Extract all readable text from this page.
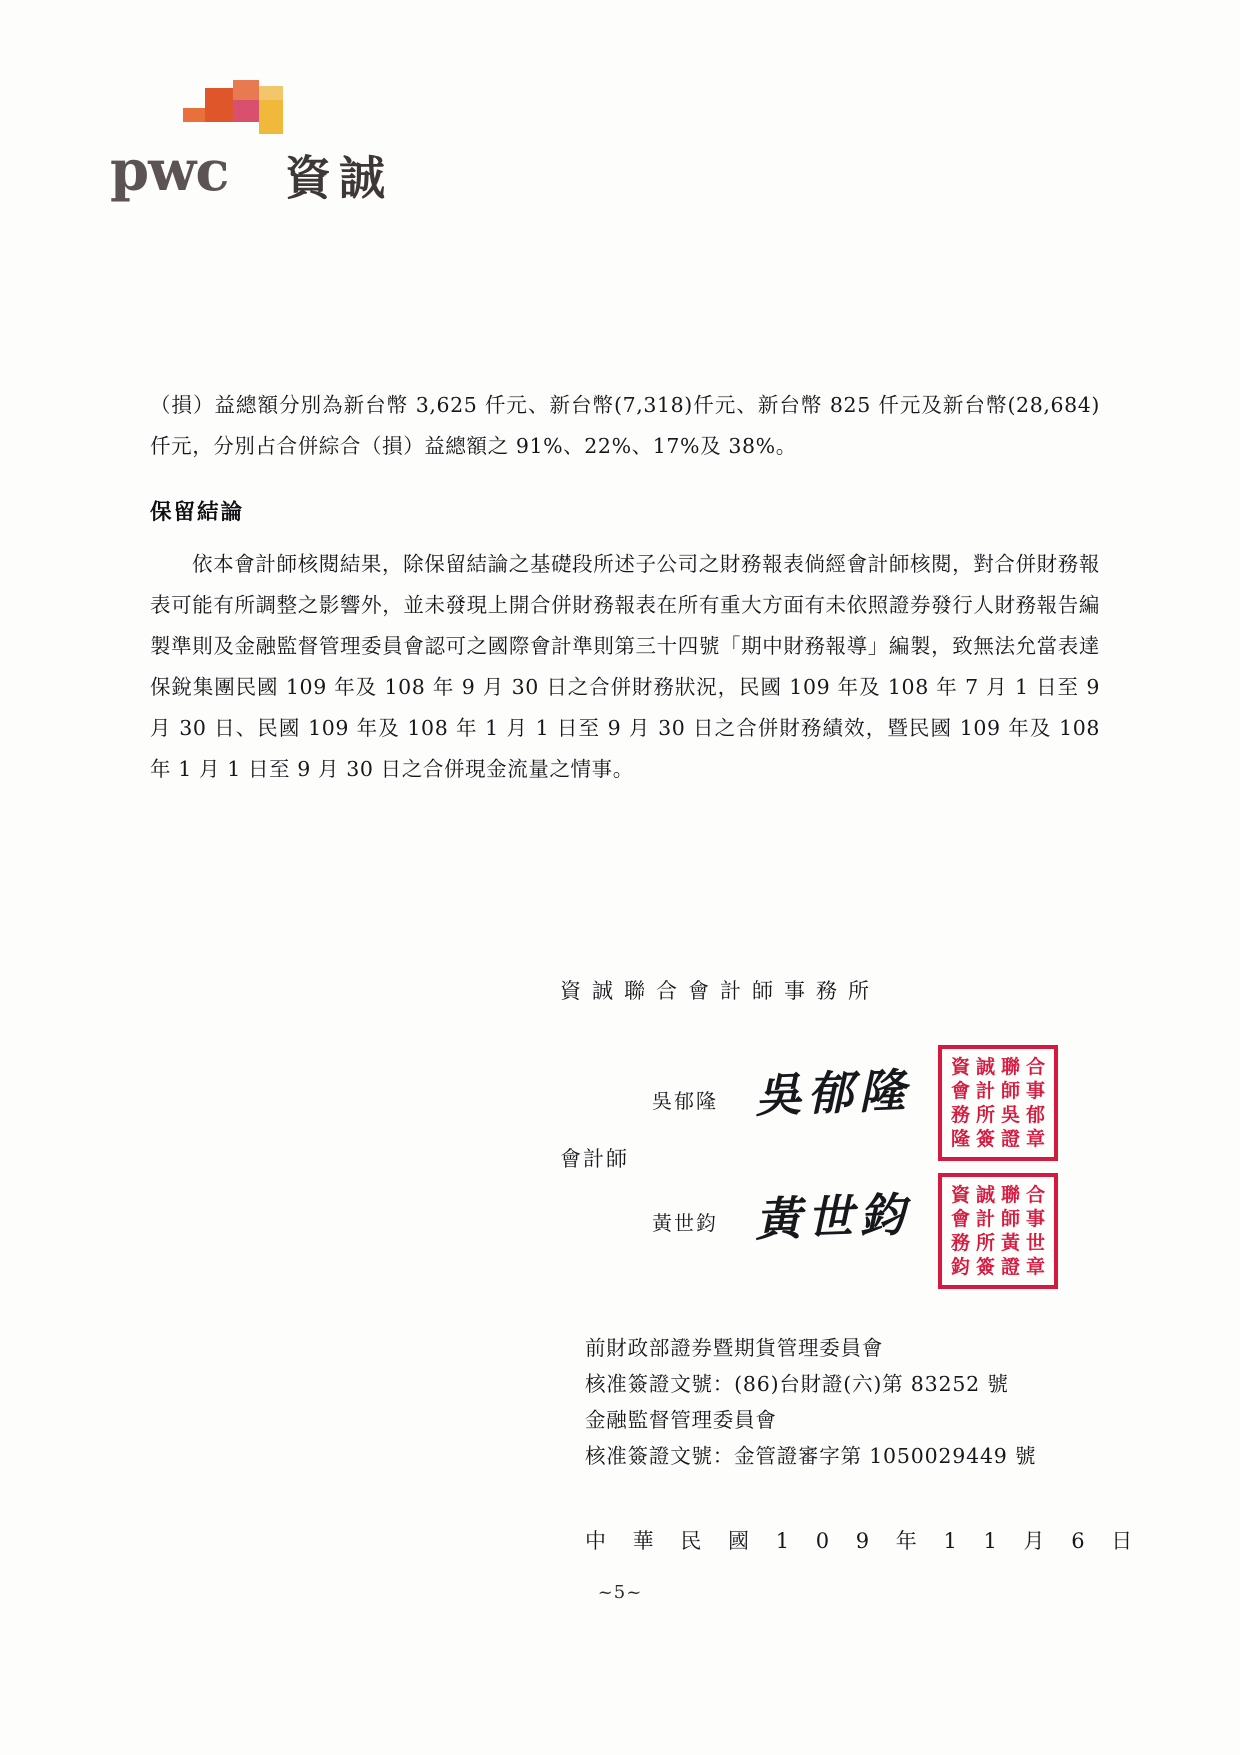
pwc 資誠

（損）益總額分別為新台幣 3,625 仟元、新台幣(7,318)仟元、新台幣 825 仟元及新台幣(28,684)仟元，分別占合併綜合（損）益總額之 91%、22%、17%及 38%。

保留結論

依本會計師核閱結果，除保留結論之基礎段所述子公司之財務報表倘經會計師核閱，對合併財務報表可能有所調整之影響外，並未發現上開合併財務報表在所有重大方面有未依照證券發行人財務報告編製準則及金融監督管理委員會認可之國際會計準則第三十四號「期中財務報導」編製，致無法允當表達保銳集團民國 109 年及 108 年 9 月 30 日之合併財務狀況，民國 109 年及 108 年 7 月 1 日至 9 月 30 日、民國 109 年及 108 年 1 月 1 日至 9 月 30 日之合併財務績效，暨民國 109 年及 108 年 1 月 1 日至 9 月 30 日之合併現金流量之情事。

資誠聯合會計師事務所
會計師
吳郁隆 吳郁隆
黃世鈞 黃世鈞
資 誠 聯 合
會 計 師 事
務 所 吳 郁
隆 簽 證 章
資 誠 聯 合
會 計 師 事
務 所 黃 世
鈞 簽 證 章
前財政部證券暨期貨管理委員會
核准簽證文號：(86)台財證(六)第 83252 號
金融監督管理委員會
核准簽證文號：金管證審字第 1050029449 號
中 華 民 國 1 0 9 年 1 1 月 6 日
~5~
